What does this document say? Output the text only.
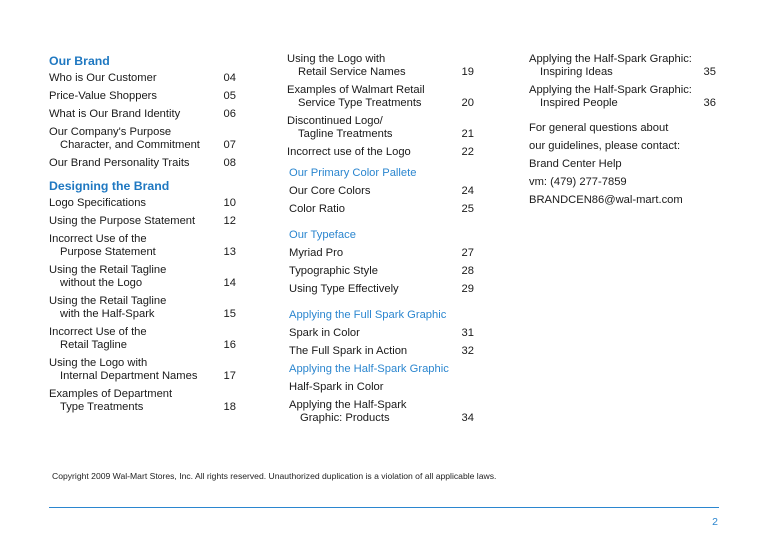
Our Brand
Who is Our Customer	04
Price-Value Shoppers	05
What is Our Brand Identity	06
Our Company's Purpose
Character, and Commitment	07
Our Brand Personality Traits	08
Designing the Brand
Logo Specifications	10
Using the Purpose Statement	12
Incorrect Use of the
Purpose Statement	13
Using the Retail Tagline
without the Logo	14
Using the Retail Tagline
with the Half-Spark	15
Incorrect Use of the
Retail Tagline	16
Using the Logo with
Internal Department Names	17
Examples of Department
Type Treatments	18
Using the Logo with
Retail Service Names	19
Examples of Walmart Retail
Service Type Treatments	20
Discontinued Logo/
Tagline Treatments	21
Incorrect use of the Logo	22
Our Primary Color Pallete
Our Core Colors	24
Color Ratio	25
Our Typeface
Myriad Pro	27
Typographic Style	28
Using Type Effectively	29
Applying the Full Spark Graphic
Spark in Color	31
The Full Spark in Action	32
Applying the Half-Spark Graphic
Half-Spark in Color
Applying the Half-Spark
Graphic: Products	34
Applying the Half-Spark Graphic:
Inspiring Ideas	35
Applying the Half-Spark Graphic:
Inspired People	36
For general questions about
our guidelines, please contact:
Brand Center Help
vm: (479) 277-7859
BRANDCEN86@wal-mart.com
Copyright 2009 Wal-Mart Stores, Inc. All rights reserved. Unauthorized duplication is a violation of all applicable laws.
2
